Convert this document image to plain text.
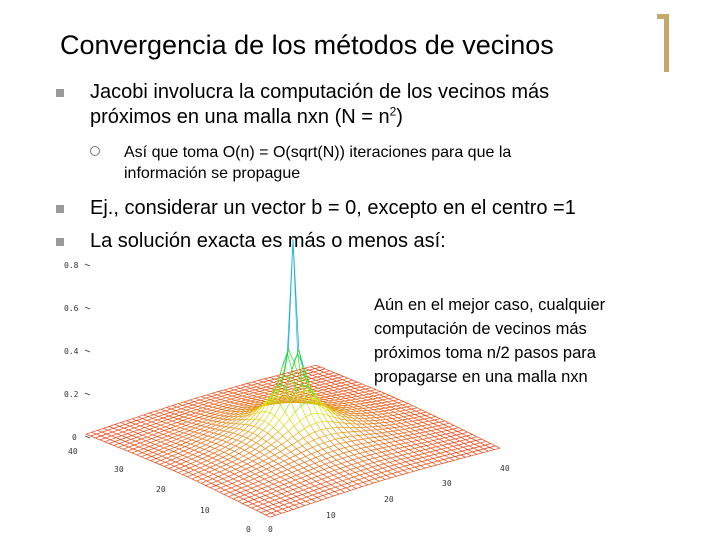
Convergencia de los métodos de vecinos
Jacobi involucra la computación de los vecinos más
próximos en una malla nxn $(N = n^2)$
Así que toma O(n) = O(sqrt(N)) iteraciones para que la
información se propague
Ej., considerar un vector b = 0, excepto en el centro =1
La solución exacta es más o menos así:
0.8
0.6
0.4
0.2
0
40
30
20
10
0 0
10
20
30
40
Aún en el mejor caso, cualquier
computación de vecinos más
próximos toma n/2 pasos para
propagarse en una malla nxn
